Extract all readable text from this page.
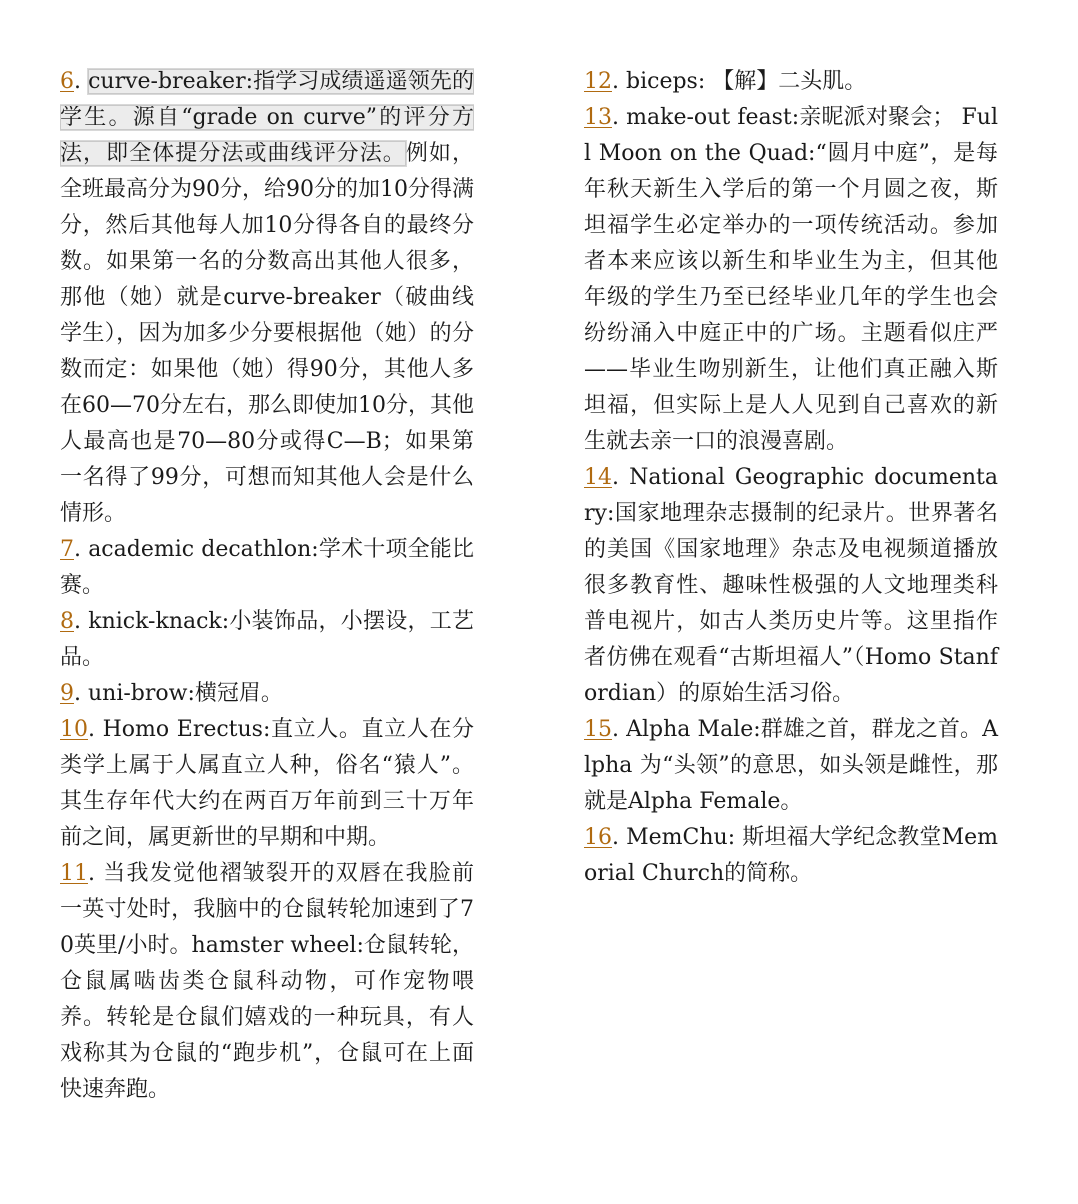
6. curve-breaker:指学习成绩遥遥领先的学生。源自“grade on curve”的评分方法，即全体提分法或曲线评分法。例如，全班最高分为90分，给90分的加10分得满分，然后其他每人加10分得各自的最终分数。如果第一名的分数高出其他人很多，那他（她）就是curve-breaker（破曲线学生），因为加多少分要根据他（她）的分数而定：如果他（她）得90分，其他人多在60—70分左右，那么即使加10分，其他人最高也是70—80分或得C—B；如果第一名得了99分，可想而知其他人会是什么情形。

7. academic decathlon:学术十项全能比赛。

8. knick-knack:小装饰品，小摆设，工艺品。

9. uni-brow:横冠眉。

10. Homo Erectus:直立人。直立人在分类学上属于人属直立人种，俗名“猿人”。其生存年代大约在两百万年前到三十万年前之间，属更新世的早期和中期。

11. 当我发觉他褶皱裂开的双唇在我脸前一英寸处时，我脑中的仓鼠转轮加速到了70英里/小时。hamster wheel:仓鼠转轮，仓鼠属啮齿类仓鼠科动物，可作宠物喂养。转轮是仓鼠们嬉戏的一种玩具，有人戏称其为仓鼠的“跑步机”，仓鼠可在上面快速奔跑。

12. biceps: 【解】二头肌。

13. make-out feast:亲昵派对聚会； Full Moon on the Quad:“圆月中庭”，是每年秋天新生入学后的第一个月圆之夜，斯坦福学生必定举办的一项传统活动。参加者本来应该以新生和毕业生为主，但其他年级的学生乃至已经毕业几年的学生也会纷纷涌入中庭正中的广场。主题看似庄严——毕业生吻别新生，让他们真正融入斯坦福，但实际上是人人见到自己喜欢的新生就去亲一口的浪漫喜剧。

14. National Geographic documentary:国家地理杂志摄制的纪录片。世界著名的美国《国家地理》杂志及电视频道播放很多教育性、趣味性极强的人文地理类科普电视片，如古人类历史片等。这里指作者仿佛在观看“古斯坦福人”（Homo Stanfordian）的原始生活习俗。

15. Alpha Male:群雄之首，群龙之首。Alpha 为“头领”的意思，如头领是雌性，那就是Alpha Female。

16. MemChu: 斯坦福大学纪念教堂Memorial Church的简称。
